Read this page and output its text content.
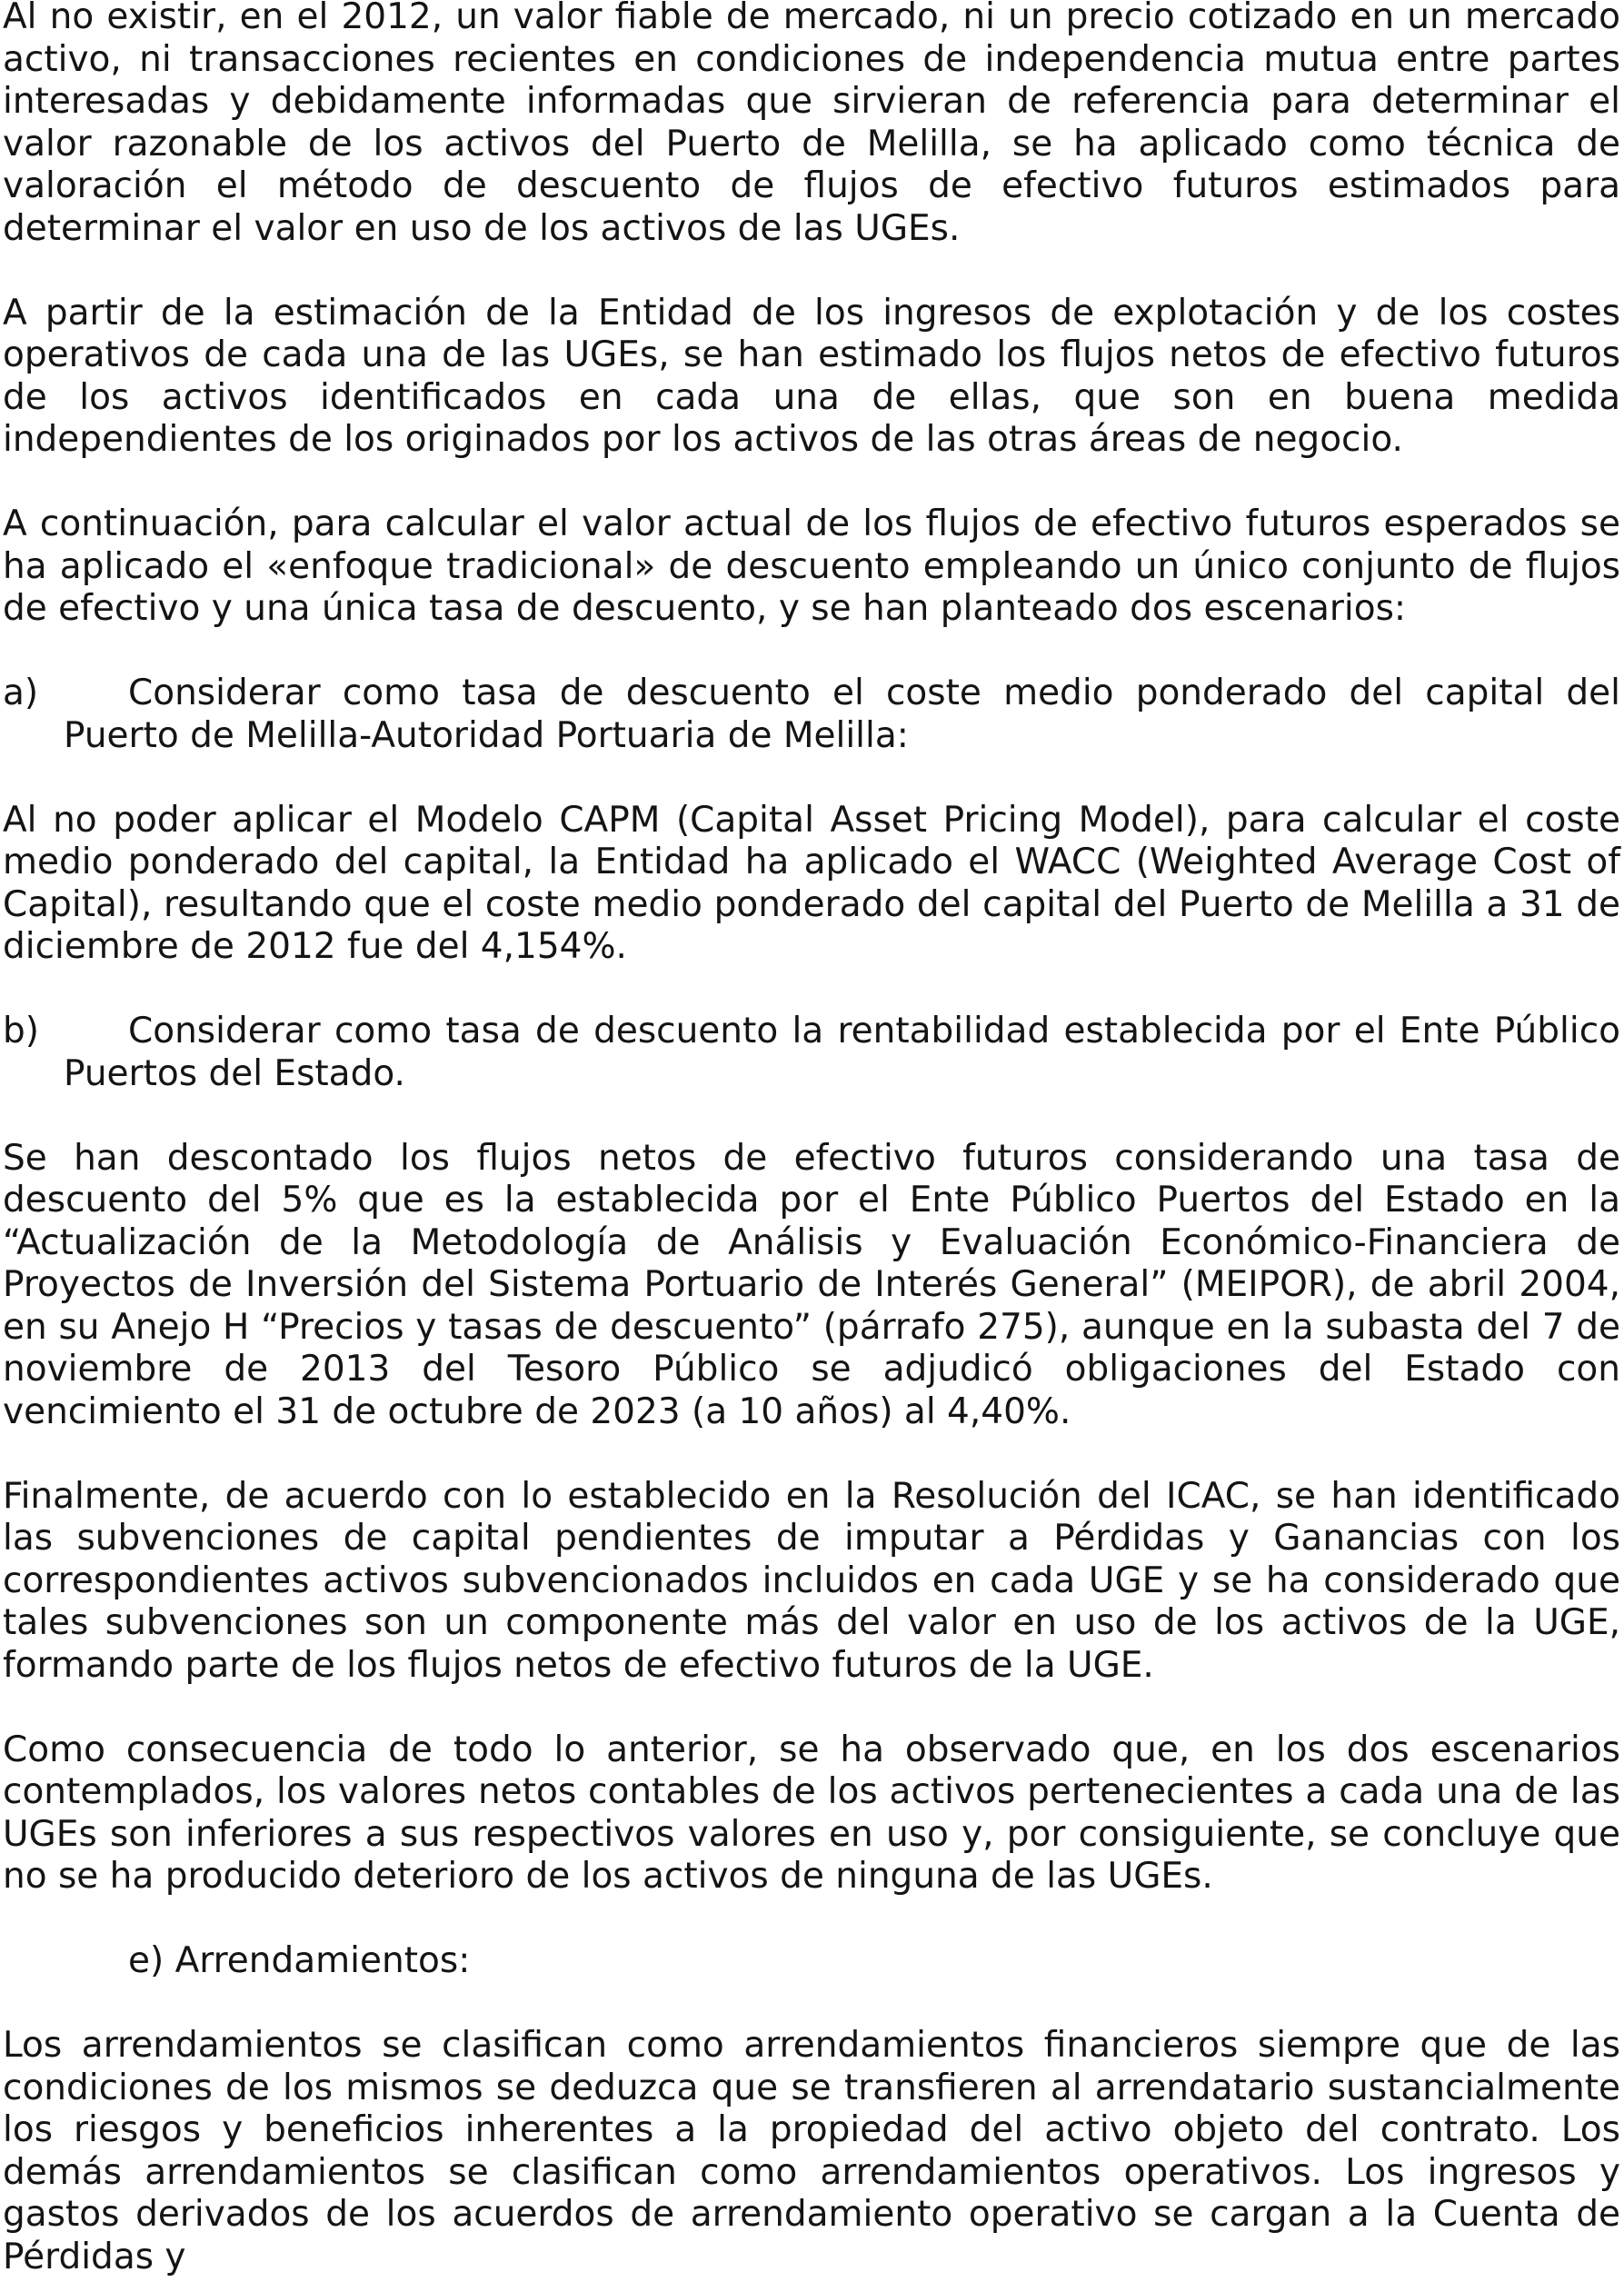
Al no existir, en el 2012, un valor fiable de mercado, ni un precio cotizado en un mercado activo, ni transacciones recientes en condiciones de independencia mutua entre partes interesadas y debidamente informadas que sirvieran de referencia para determinar el valor razonable de los activos del Puerto de Melilla, se ha aplicado como técnica de valoración el método de descuento de flujos de efectivo futuros estimados para determinar el valor en uso de los activos de las UGEs.

A partir de la estimación de la Entidad de los ingresos de explotación y de los costes operativos de cada una de las UGEs, se han estimado los flujos netos de efectivo futuros de los activos identificados en cada una de ellas, que son en buena medida independientes de los originados por los activos de las otras áreas de negocio.

A continuación, para calcular el valor actual de los flujos de efectivo futuros esperados se ha aplicado el «enfoque tradicional» de descuento empleando un único conjunto de flujos de efectivo y una única tasa de descuento, y se han planteado dos escenarios:

a)	Considerar como tasa de descuento el coste medio ponderado del capital del Puerto de Melilla-Autoridad Portuaria de Melilla:

Al no poder aplicar el Modelo CAPM (Capital Asset Pricing Model), para calcular el coste medio ponderado del capital, la Entidad ha aplicado el WACC (Weighted Average Cost of Capital), resultando que el coste medio ponderado del capital del Puerto de Melilla a 31 de diciembre de 2012 fue del 4,154%.

b)	Considerar como tasa de descuento la rentabilidad establecida por el Ente Público Puertos del Estado.

Se han descontado los flujos netos de efectivo futuros considerando una tasa de descuento del 5% que es la establecida por el Ente Público Puertos del Estado en la “Actualización de la Metodología de Análisis y Evaluación Económico-Financiera de Proyectos de Inversión del Sistema Portuario de Interés General” (MEIPOR), de abril 2004, en su Anejo H “Precios y tasas de descuento” (párrafo 275), aunque en la subasta del 7 de noviembre de 2013 del Tesoro Público se adjudicó obligaciones del Estado con vencimiento el 31 de octubre de 2023 (a 10 años) al 4,40%.

Finalmente, de acuerdo con lo establecido en la Resolución del ICAC, se han identificado las subvenciones de capital pendientes de imputar a Pérdidas y Ganancias con los correspondientes activos subvencionados incluidos en cada UGE y se ha considerado que tales subvenciones son un componente más del valor en uso de los activos de la UGE, formando parte de los flujos netos de efectivo futuros de la UGE.

Como consecuencia de todo lo anterior, se ha observado que, en los dos escenarios contemplados, los valores netos contables de los activos pertenecientes a cada una de las UGEs son inferiores a sus respectivos valores en uso y, por consiguiente, se concluye que no se ha producido deterioro de los activos de ninguna de las UGEs.

e) Arrendamientos:

Los arrendamientos se clasifican como arrendamientos financieros siempre que de las condiciones de los mismos se deduzca que se transfieren al arrendatario sustancialmente los riesgos y beneficios inherentes a la propiedad del activo objeto del contrato. Los demás arrendamientos se clasifican como arrendamientos operativos. Los ingresos y gastos derivados de los acuerdos de arrendamiento operativo se cargan a la Cuenta de Pérdidas y
